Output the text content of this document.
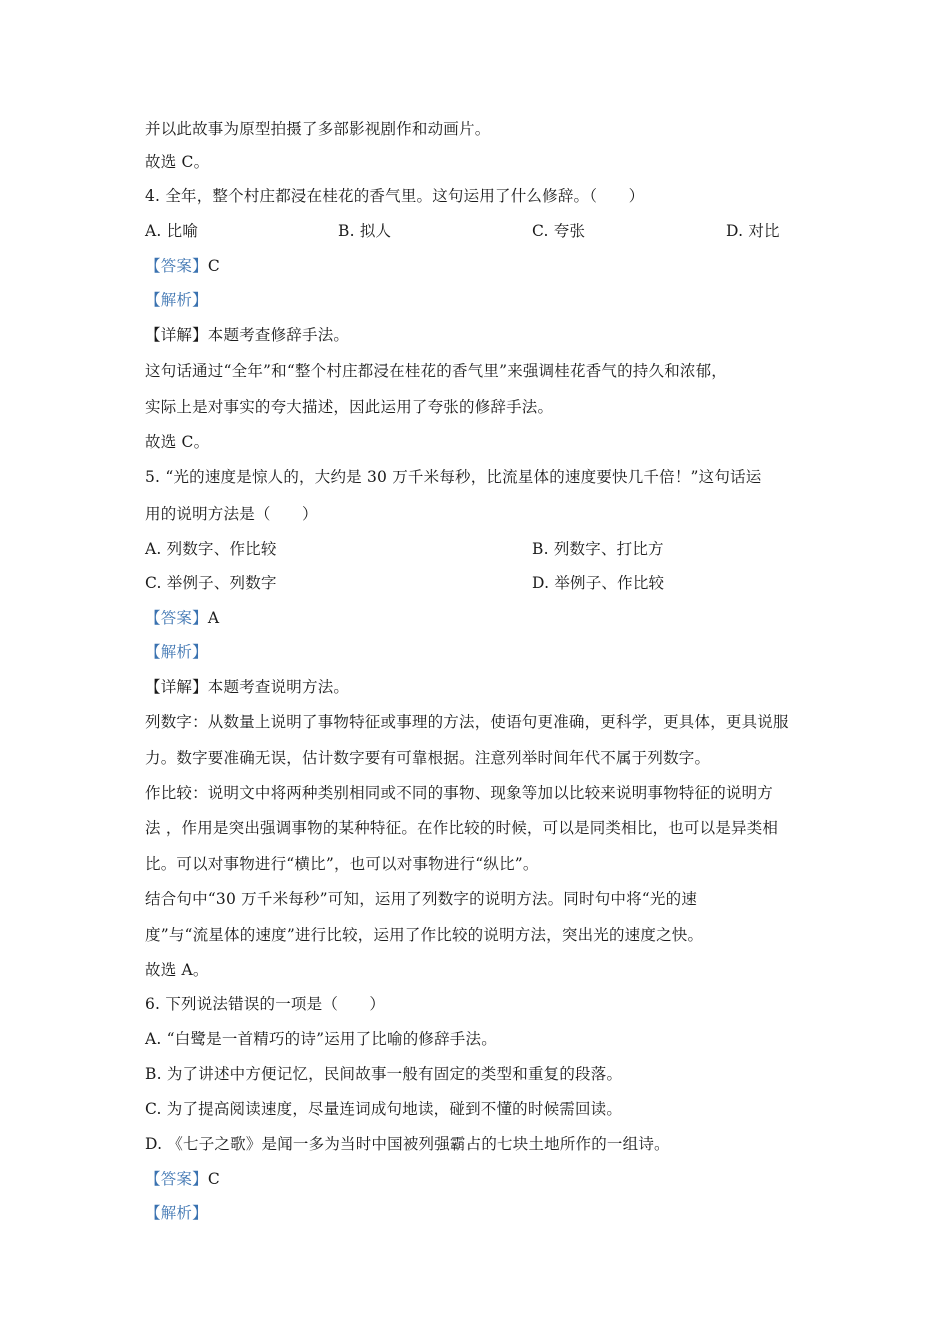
并以此故事为原型拍摄了多部影视剧作和动画片。
故选 C。
4. 全年，整个村庄都浸在桂花的香气里。这句运用了什么修辞。（　　）
A. 比喻	B. 拟人	C. 夸张	D. 对比
【答案】C
【解析】
【详解】本题考查修辞手法。
这句话通过“全年”和“整个村庄都浸在桂花的香气里”来强调桂花香气的持久和浓郁，
实际上是对事实的夸大描述，因此运用了夸张的修辞手法。
故选 C。
5. “光的速度是惊人的，大约是 30 万千米每秒，比流星体的速度要快几千倍！”这句话运
用的说明方法是（　　）
A. 列数字、作比较	B. 列数字、打比方
C. 举例子、列数字	D. 举例子、作比较
【答案】A
【解析】
【详解】本题考查说明方法。
列数字：从数量上说明了事物特征或事理的方法，使语句更准确，更科学，更具体，更具说服
力。数字要准确无误，估计数字要有可靠根据。注意列举时间年代不属于列数字。
作比较：说明文中将两种类别相同或不同的事物、现象等加以比较来说明事物特征的说明方
法 ，作用是突出强调事物的某种特征。在作比较的时候，可以是同类相比，也可以是异类相
比。可以对事物进行“横比”，也可以对事物进行“纵比”。
结合句中“30 万千米每秒”可知，运用了列数字的说明方法。同时句中将“光的速
度”与“流星体的速度”进行比较，运用了作比较的说明方法，突出光的速度之快。
故选 A。
6. 下列说法错误的一项是（　　）
A. “白鹭是一首精巧的诗”运用了比喻的修辞手法。
B. 为了讲述中方便记忆，民间故事一般有固定的类型和重复的段落。
C. 为了提高阅读速度，尽量连词成句地读，碰到不懂的时候需回读。
D. 《七子之歌》是闻一多为当时中国被列强霸占的七块土地所作的一组诗。
【答案】C
【解析】
